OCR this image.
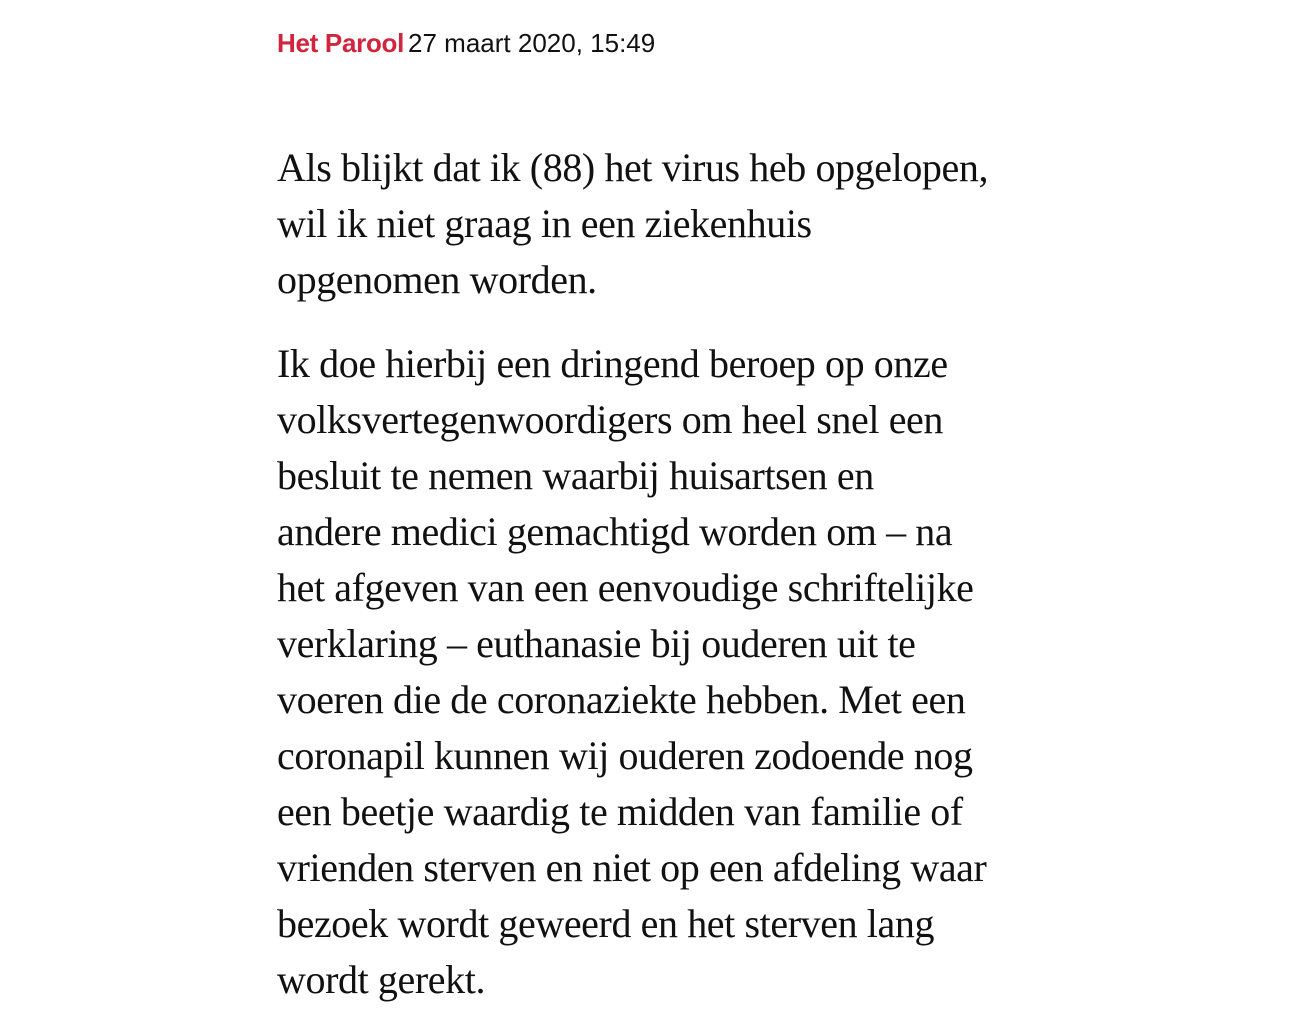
Het Parool 27 maart 2020, 15:49

Als blijkt dat ik (88) het virus heb opgelopen,
wil ik niet graag in een ziekenhuis
opgenomen worden.

Ik doe hierbij een dringend beroep op onze
volksvertegenwoordigers om heel snel een
besluit te nemen waarbij huisartsen en
andere medici gemachtigd worden om – na
het afgeven van een eenvoudige schriftelijke
verklaring – euthanasie bij ouderen uit te
voeren die de coronaziekte hebben. Met een
coronapil kunnen wij ouderen zodoende nog
een beetje waardig te midden van familie of
vrienden sterven en niet op een afdeling waar
bezoek wordt geweerd en het sterven lang
wordt gerekt.
